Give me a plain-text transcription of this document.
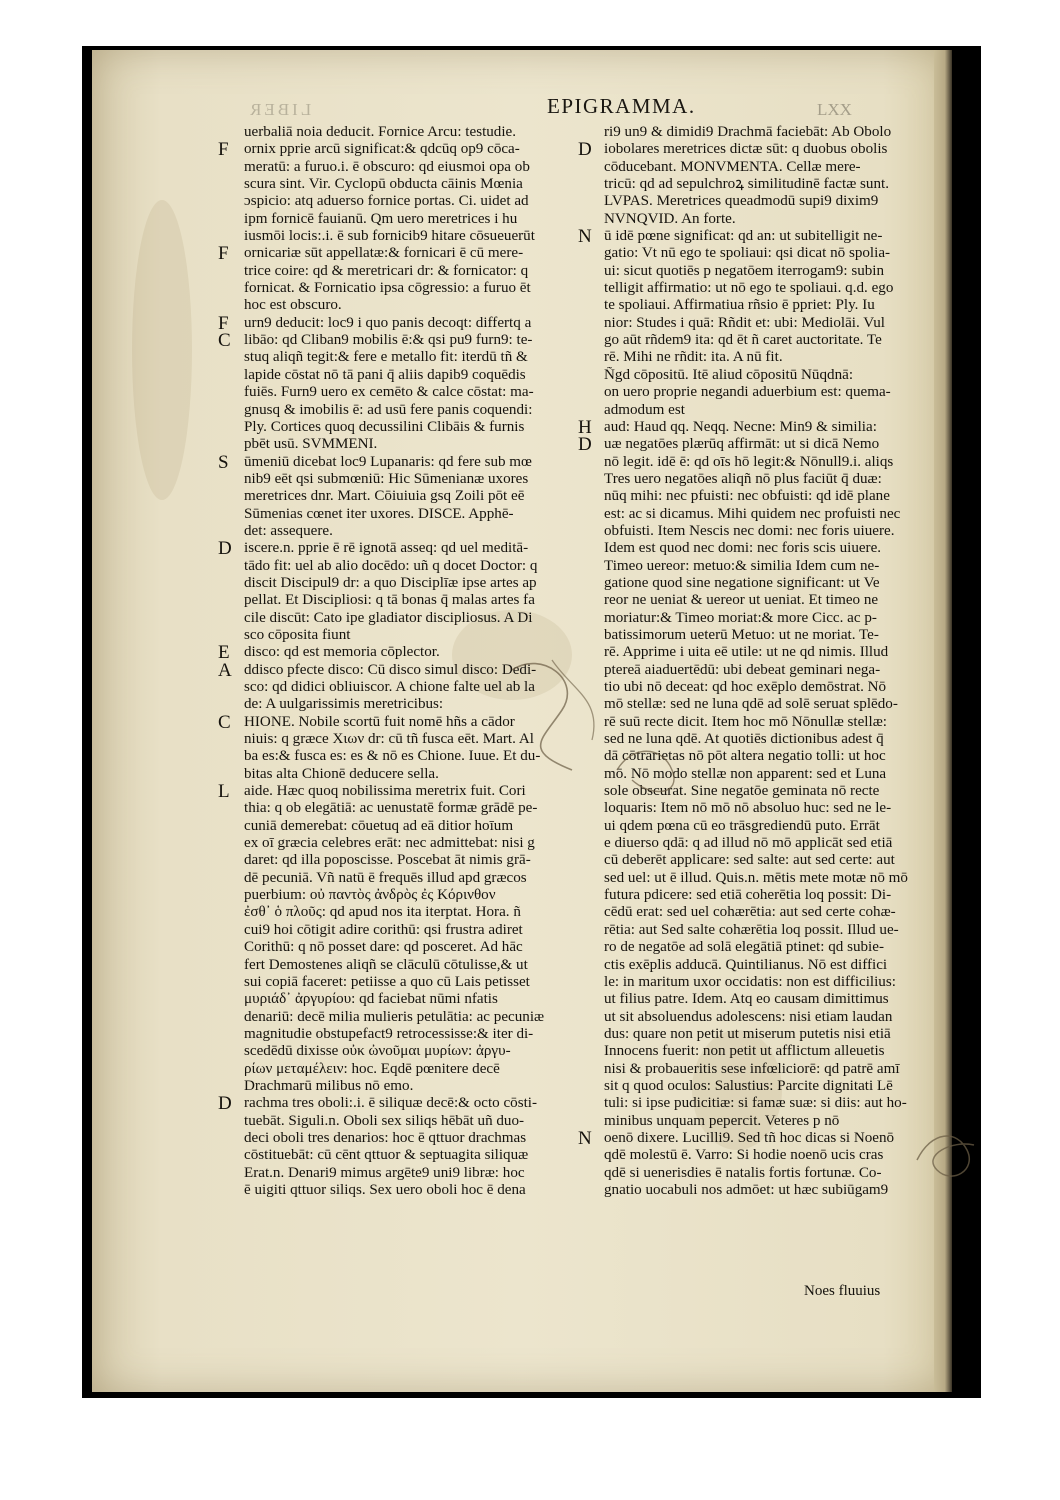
LIBER	LXX
EPIGRAMMA.
uerbaliā noia deducit. Fornice Arcu: testudie.
F ornix pprie arcū significat:& qdcūq op9 cōca-
meratū: a furuo.i. ē obscuro: qd eiusmoi opa ob
scura sint. Vir. Cyclopū obducta cāinis Mœnia
ɔspicio: atq aduerso fornice portas. Ci. uidet ad
ipm fornicē fauianū. Qm uero meretrices i hu
iusmōi locis:.i. ē sub fornicib9 hitare cōsueuerūt
F ornicariæ sūt appellatæ:& fornicari ē cū mere-
trice coire: qd & meretricari dr: & fornicator: q
fornicat. & Fornicatio ipsa cōgressio: a furuo ēt
hoc est obscuro.
F urn9 deducit: loc9 i quo panis decoqt: differtq a
C libāo: qd Cliban9 mobilis ē:& qsi pu9 furn9: te-
stuq aliqñ tegit:& fere e metallo fit: iterdū tñ &
lapide cōstat nō tā pani q̄ aliis dapib9 coquēdis
fuiēs. Furn9 uero ex cemēto & calce cōstat: ma-
gnusq & imobilis ē: ad usū fere panis coquendi:
Ply. Cortices quoq decussilini Clibāis & furnis
pbēt usū. SVMMENI.
S ūmeniū dicebat loc9 Lupanaris: qd fere sub mœ
nib9 eēt qsi submœniū: Hic Sūmenianæ uxores
meretrices dnr. Mart. Cōiuiuia gsq Zoili pōt eē
Sūmenias cœnet iter uxores. DISCE. Apphē-
det: assequere.
D iscere.n. pprie ē rē ignotā asseq: qd uel meditā-
tādo fit: uel ab alio docēdo: uñ q docet Doctor: q
discit Discipul9 dr: a quo Disciplīæ ipse artes ap
pellat. Et Discipliosi: q tā bonas q̄ malas artes fa
cile discūt: Cato ipe gladiator discipliosus. A Di
sco cōposita fiunt
E disco: qd est memoria cōplector.
A ddisco pfecte disco: Cū disco simul disco: Dedi-
sco: qd didici obliuiscor. A chione falte uel ab la
de: A uulgarissimis meretricibus:
C HIONE. Nobile scortū fuit nomē hñs a cādor
niuis: q græce Χιων dr: cū tñ fusca eēt. Mart. Al
ba es:& fusca es: es & nō es Chione. Iuue. Et du-
bitas alta Chionē deducere sella.
L aide. Hæc quoq nobilissima meretrix fuit. Cori
thia: q ob elegātiā: ac uenustatē formæ grādē pe-
cuniā demerebat: cōuetuq ad eā ditior hoīum
ex oī græcia celebres erāt: nec admittebat: nisi g
daret: qd illa poposcisse. Poscebat āt nimis grā-
dē pecuniā. Vñ natū ē frequēs illud apd græcos
puerbium: οὐ παντὸς ἀνδρὸς ἐς Κόρινθον
ἐσθ᾽ ὁ πλοῦς: qd apud nos ita iterptat. Hora. ñ
cui9 hoi cōtigit adire corithū: qsi frustra adiret
Corithū: q nō posset dare: qd posceret. Ad hāc
fert Demostenes aliqñ se clāculū cōtulisse,& ut
sui copiā faceret: petiisse a quo cū Lais petisset
μυριάδ᾽ ἀργυρίου: qd faciebat nūmi nfatis
denariū: decē milia mulieris petulātia: ac pecuniæ
magnitudie obstupefact9 retrocessisse:& iter di-
scedēdū dixisse οὐκ ὠνοῦμαι μυρίων: ἀργυ-
ρίων μεταμέλειν: hoc. Eqdē pœnitere decē
Drachmarū milibus nō emo.
D rachma tres oboli:.i. ē siliquæ decē:& octo cōsti-
tuebāt. Siguli.n. Oboli sex siliqs hēbāt uñ duo-
deci oboli tres denarios: hoc ē qttuor drachmas
cōstituebāt: cū cēnt qttuor & septuagita siliquæ
Erat.n. Denari9 mimus argēte9 uni9 libræ: hoc
ē uigiti qttuor siliqs. Sex uero oboli hoc ē dena
ri9 un9 & dimidi9 Drachmā faciebāt: Ab Obolo
D iobolares meretrices dictæ sūt: q duobus obolis
cōducebant. MONVMENTA. Cellæ mere-
tricū: qd ad sepulchroꝝ similitudinē factæ sunt.
LVPAS. Meretrices queadmodū supi9 dixim9
NVNQVID. An forte.
N ū idē pœne significat: qd an: ut subitelligit ne-
gatio: Vt nū ego te spoliaui: qsi dicat nō spolia-
ui: sicut quotiēs p negatōem iterrogam9: subin
telligit affirmatio: ut nō ego te spoliaui. q.d. ego
te spoliaui. Affirmatiua rñsio ē ppriet: Ply. Iu
nior: Studes i quā: Rñdit et: ubi: Mediolāi. Vul
go aūt rñdem9 ita: qd ēt ñ caret auctoritate. Te
rē. Mihi ne rñdit: ita. A nū fit.
Ñgd cōpositū. Itē aliud cōpositū Nūqdnā:
on uero proprie negandi aduerbium est: quema-
admodum est
H aud: Haud qq. Neqq. Necne: Min9 & similia:
D uæ negatōes plærūq affirmāt: ut si dicā Nemo
nō legit. idē ē: qd oīs hō legit:& Nōnull9.i. aliqs
Tres uero negatōes aliqñ nō plus faciūt q̄ duæ:
nūq mihi: nec pfuisti: nec obfuisti: qd idē plane
est: ac si dicamus. Mihi quidem nec profuisti nec
obfuisti. Item Nescis nec domi: nec foris uiuere.
Idem est quod nec domi: nec foris scis uiuere.
Timeo uereor: metuo:& similia Idem cum ne-
gatione quod sine negatione significant: ut Ve
reor ne ueniat & uereor ut ueniat. Et timeo ne
moriatur:& Timeo moriat:& more Cicc. ac p-
batissimorum ueterū Metuo: ut ne moriat. Te-
rē. Apprime i uita eē utile: ut ne qd nimis. Illud
ptereā aiaduertēdū: ubi debeat geminari nega-
tio ubi nō deceat: qd hoc exēplo demōstrat. Nō
mō stellæ: sed ne luna qdē ad solē seruat splēdo-
rē suū recte dicit. Item hoc mō Nōnullæ stellæ:
sed ne luna qdē. At quotiēs dictionibus adest q̄
dā cōtrarietas nō pōt altera negatio tolli: ut hoc
mō. Nō modo stellæ non apparent: sed et Luna
sole obscurat. Sine negatōe geminata nō recte
loquaris: Item nō mō nō absoluo huc: sed ne le-
ui qdem pœna cū eo trāsgrediendū puto. Errāt
e diuerso qdā: q ad illud nō mō applicāt sed etiā
cū deberēt applicare: sed salte: aut sed certe: aut
sed uel: ut ē illud. Quis.n. mētis mete motæ nō mō
futura pdicere: sed etiā coherētia loq possit: Di-
cēdū erat: sed uel cohærētia: aut sed certe cohæ-
rētia: aut Sed salte cohærētia loq possit. Illud ue-
ro de negatōe ad solā elegātiā ptinet: qd subie-
ctis exēplis adducā. Quintilianus. Nō est diffici
le: in maritum uxor occidatis: non est difficilius:
ut filius patre. Idem. Atq eo causam dimittimus
ut sit absoluendus adolescens: nisi etiam laudan
dus: quare non petit ut miserum putetis nisi etiā
Innocens fuerit: non petit ut afflictum alleuetis
nisi & probaueritis sese infœliciorē: qd patrē amī
sit q quod oculos: Salustius: Parcite dignitati Lē
tuli: si ipse pudicitiæ: si famæ suæ: si diis: aut ho-
minibus unquam pepercit. Veteres p nō
N oenō dixere. Lucilli9. Sed tñ hoc dicas si Noenō
qdē molestū ē. Varro: Si hodie noenō ucis cras
qdē si uenerisdies ē natalis fortis fortunæ. Co-
gnatio uocabuli nos admōet: ut hæc subiūgam9
Noes fluuius
